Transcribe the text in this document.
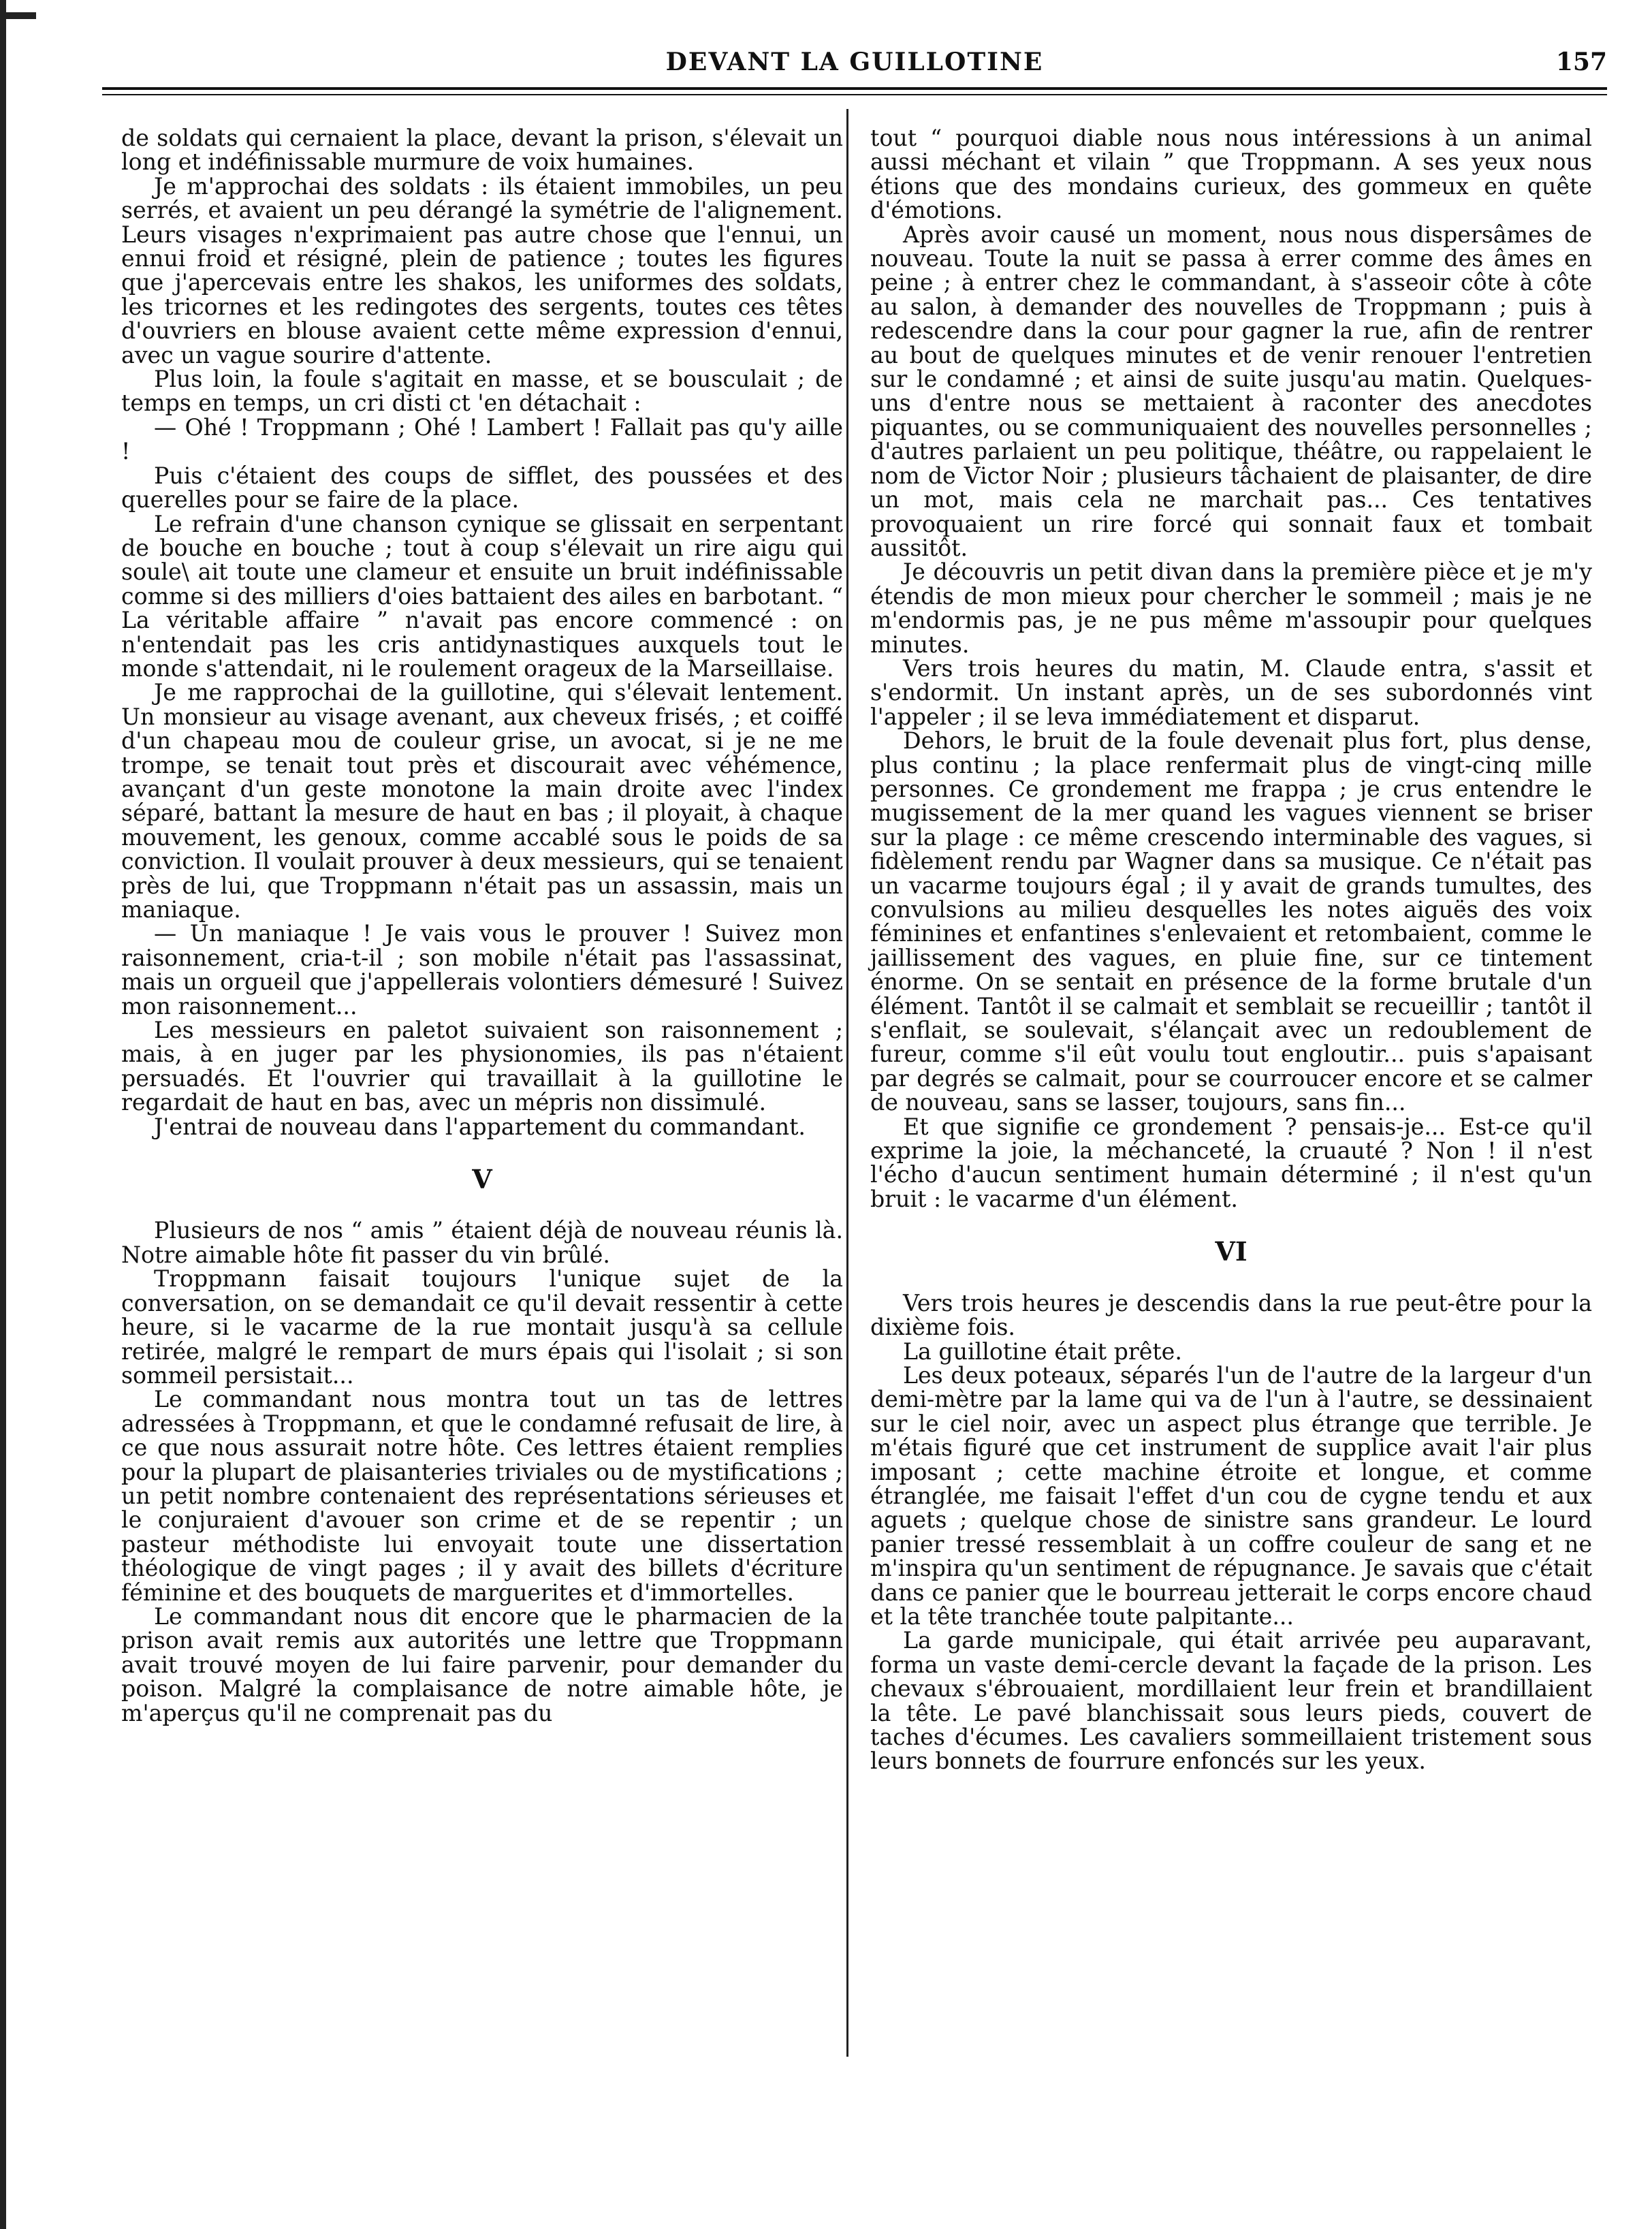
DEVANT LA GUILLOTINE	157

de soldats qui cernaient la place, devant la prison, s'élevait un long et indéfinissable murmure de voix humaines.

Je m'approchai des soldats : ils étaient immobiles, un peu serrés, et avaient un peu dérangé la symétrie de l'alignement. Leurs visages n'exprimaient pas autre chose que l'ennui, un ennui froid et résigné, plein de patience ; toutes les figures que j'apercevais entre les shakos, les uniformes des soldats, les tricornes et les redingotes des sergents, toutes ces têtes d'ouvriers en blouse avaient cette même expression d'ennui, avec un vague sourire d'attente.

Plus loin, la foule s'agitait en masse, et se bousculait ; de temps en temps, un cri disti ct 'en détachait :

— Ohé ! Troppmann ; Ohé ! Lambert ! Fallait pas qu'y aille !

Puis c'étaient des coups de sifflet, des poussées et des querelles pour se faire de la place.

Le refrain d'une chanson cynique se glissait en serpentant de bouche en bouche ; tout à coup s'élevait un rire aigu qui soule\ ait toute une clameur et ensuite un bruit indéfinissable comme si des milliers d'oies battaient des ailes en barbotant. “ La véritable affaire ” n'avait pas encore commencé : on n'entendait pas les cris antidynastiques auxquels tout le monde s'attendait, ni le roulement orageux de la Marseillaise.

Je me rapprochai de la guillotine, qui s'élevait lentement. Un monsieur au visage avenant, aux cheveux frisés, ; et coiffé d'un chapeau mou de couleur grise, un avocat, si je ne me trompe, se tenait tout près et discourait avec véhémence, avançant d'un geste monotone la main droite avec l'index séparé, battant la mesure de haut en bas ; il ployait, à chaque mouvement, les genoux, comme accablé sous le poids de sa conviction. Il voulait prouver à deux messieurs, qui se tenaient près de lui, que Troppmann n'était pas un assassin, mais un maniaque.

— Un maniaque ! Je vais vous le prouver ! Suivez mon raisonnement, cria-t-il ; son mobile n'était pas l'assassinat, mais un orgueil que j'appellerais volontiers démesuré ! Suivez mon raisonnement...

Les messieurs en paletot suivaient son raisonnement ; mais, à en juger par les physionomies, ils pas n'étaient persuadés. Et l'ouvrier qui travaillait à la guillotine le regardait de haut en bas, avec un mépris non dissimulé.

J'entrai de nouveau dans l'appartement du commandant.

V

Plusieurs de nos “ amis ” étaient déjà de nouveau réunis là. Notre aimable hôte fit passer du vin brûlé.

Troppmann faisait toujours l'unique sujet de la conversation, on se demandait ce qu'il devait ressentir à cette heure, si le vacarme de la rue montait jusqu'à sa cellule retirée, malgré le rempart de murs épais qui l'isolait ; si son sommeil persistait...

Le commandant nous montra tout un tas de lettres adressées à Troppmann, et que le condamné refusait de lire, à ce que nous assurait notre hôte. Ces lettres étaient remplies pour la plupart de plaisanteries triviales ou de mystifications ; un petit nombre contenaient des représentations sérieuses et le conjuraient d'avouer son crime et de se repentir ; un pasteur méthodiste lui envoyait toute une dissertation théologique de vingt pages ; il y avait des billets d'écriture féminine et des bouquets de marguerites et d'immortelles.

Le commandant nous dit encore que le pharmacien de la prison avait remis aux autorités une lettre que Troppmann avait trouvé moyen de lui faire parvenir, pour demander du poison. Malgré la complaisance de notre aimable hôte, je m'aperçus qu'il ne comprenait pas du

tout “ pourquoi diable nous nous intéressions à un animal aussi méchant et vilain ” que Troppmann. A ses yeux nous étions que des mondains curieux, des gommeux en quête d'émotions.

Après avoir causé un moment, nous nous dispersâmes de nouveau. Toute la nuit se passa à errer comme des âmes en peine ; à entrer chez le commandant, à s'asseoir côte à côte au salon, à demander des nouvelles de Troppmann ; puis à redescendre dans la cour pour gagner la rue, afin de rentrer au bout de quelques minutes et de venir renouer l'entretien sur le condamné ; et ainsi de suite jusqu'au matin. Quelques-uns d'entre nous se mettaient à raconter des anecdotes piquantes, ou se communiquaient des nouvelles personnelles ; d'autres parlaient un peu politique, théâtre, ou rappelaient le nom de Victor Noir ; plusieurs tâchaient de plaisanter, de dire un mot, mais cela ne marchait pas... Ces tentatives provoquaient un rire forcé qui sonnait faux et tombait aussitôt.

Je découvris un petit divan dans la première pièce et je m'y étendis de mon mieux pour chercher le sommeil ; mais je ne m'endormis pas, je ne pus même m'assoupir pour quelques minutes.

Vers trois heures du matin, M. Claude entra, s'assit et s'endormit. Un instant après, un de ses subordonnés vint l'appeler ; il se leva immédiatement et disparut.

Dehors, le bruit de la foule devenait plus fort, plus dense, plus continu ; la place renfermait plus de vingt-cinq mille personnes. Ce grondement me frappa ; je crus entendre le mugissement de la mer quand les vagues viennent se briser sur la plage : ce même crescendo interminable des vagues, si fidèlement rendu par Wagner dans sa musique. Ce n'était pas un vacarme toujours égal ; il y avait de grands tumultes, des convulsions au milieu desquelles les notes aiguës des voix féminines et enfantines s'enlevaient et retombaient, comme le jaillissement des vagues, en pluie fine, sur ce tintement énorme. On se sentait en présence de la forme brutale d'un élément. Tantôt il se calmait et semblait se recueillir ; tantôt il s'enflait, se soulevait, s'élançait avec un redoublement de fureur, comme s'il eût voulu tout engloutir... puis s'apaisant par degrés se calmait, pour se courroucer encore et se calmer de nouveau, sans se lasser, toujours, sans fin...

Et que signifie ce grondement ? pensais-je... Est-ce qu'il exprime la joie, la méchanceté, la cruauté ? Non ! il n'est l'écho d'aucun sentiment humain déterminé ; il n'est qu'un bruit : le vacarme d'un élément.

VI

Vers trois heures je descendis dans la rue peut-être pour la dixième fois.

La guillotine était prête.

Les deux poteaux, séparés l'un de l'autre de la largeur d'un demi-mètre par la lame qui va de l'un à l'autre, se dessinaient sur le ciel noir, avec un aspect plus étrange que terrible. Je m'étais figuré que cet instrument de supplice avait l'air plus imposant ; cette machine étroite et longue, et comme étranglée, me faisait l'effet d'un cou de cygne tendu et aux aguets ; quelque chose de sinistre sans grandeur. Le lourd panier tressé ressemblait à un coffre couleur de sang et ne m'inspira qu'un sentiment de répugnance. Je savais que c'était dans ce panier que le bourreau jetterait le corps encore chaud et la tête tranchée toute palpitante...

La garde municipale, qui était arrivée peu auparavant, forma un vaste demi-cercle devant la façade de la prison. Les chevaux s'ébrouaient, mordillaient leur frein et brandillaient la tête. Le pavé blanchissait sous leurs pieds, couvert de taches d'écumes. Les cavaliers sommeillaient tristement sous leurs bonnets de fourrure enfoncés sur les yeux.
